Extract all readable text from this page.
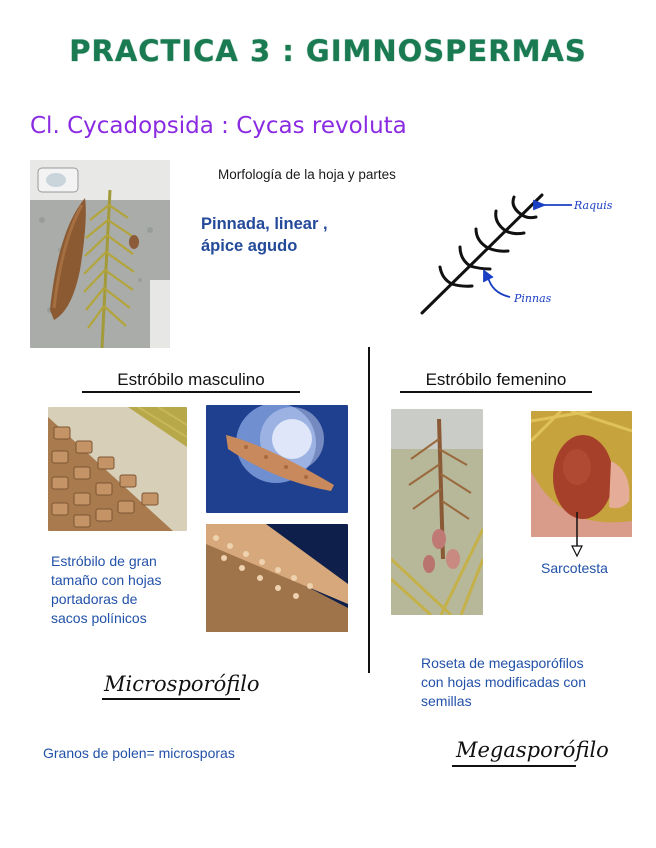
PRACTICA 3 : GIMNOSPERMAS
Cl. Cycadopsida : Cycas revoluta
Morfología de la hoja y partes
Pinnada, linear ,
ápice agudo
Raquis
Pinnas
Estróbilo masculino	Estróbilo femenino
Estróbilo de gran
tamaño con hojas
portadoras de
sacos polínicos
Sarcotesta
Roseta de megasporófilos
con hojas modificadas con
semillas
Microsporófilo
Granos de polen= microsporas	Megasporófilo
